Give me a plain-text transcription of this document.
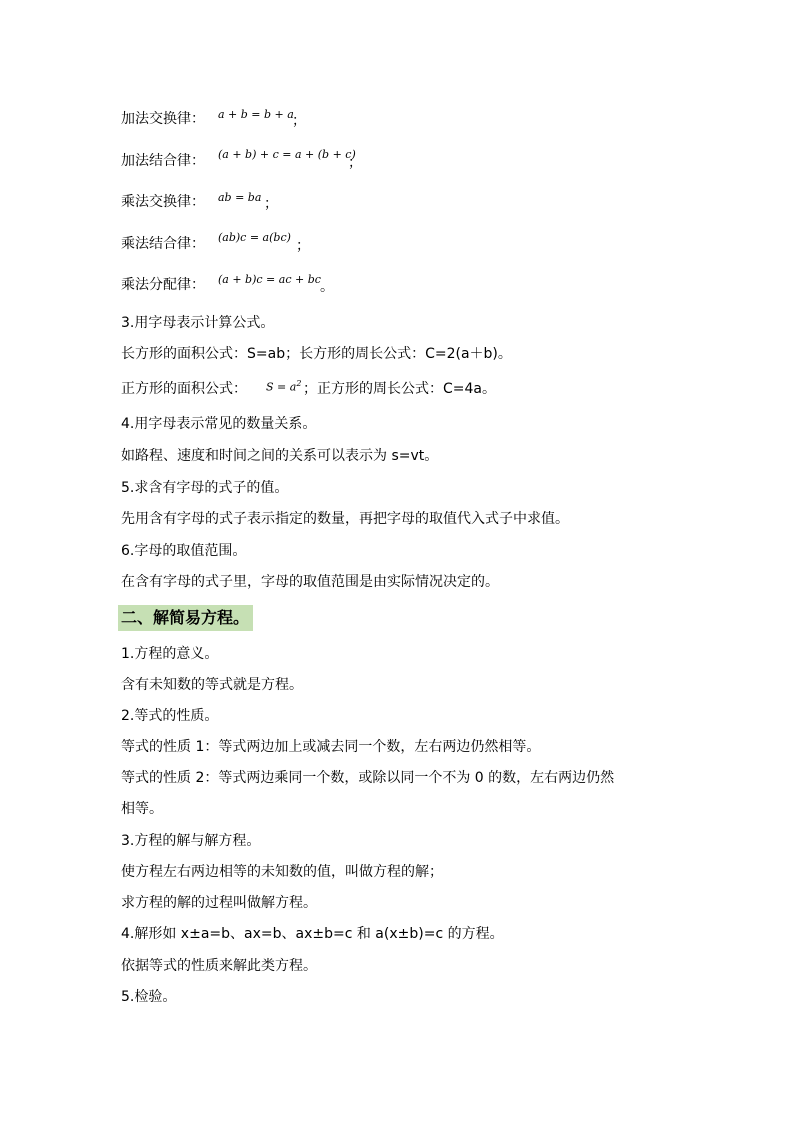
加法交换律： a + b = b + a
；
加法结合律： (a + b) + c = a + (b + c)
；
乘法交换律： ab = ba ；
乘法结合律： (ab)c = a(bc)
；
乘法分配律： (a + b)c = ac + bc 。
3.用字母表示计算公式。
长方形的面积公式：S=ab；长方形的周长公式：C=2(a＋b)。
正方形的面积公式： $S = a^2$ ；正方形的周长公式：C=4a。
4.用字母表示常见的数量关系。
如路程、速度和时间之间的关系可以表示为 s=vt。
5.求含有字母的式子的值。
先用含有字母的式子表示指定的数量，再把字母的取值代入式子中求值。
6.字母的取值范围。
在含有字母的式子里，字母的取值范围是由实际情况决定的。
二、解简易方程。
1.方程的意义。
含有未知数的等式就是方程。
2.等式的性质。
等式的性质 1：等式两边加上或减去同一个数，左右两边仍然相等。
等式的性质 2：等式两边乘同一个数，或除以同一个不为 0 的数，左右两边仍然
相等。
3.方程的解与解方程。
使方程左右两边相等的未知数的值，叫做方程的解；
求方程的解的过程叫做解方程。
4.解形如 x±a=b、ax=b、ax±b=c 和 a(x±b)=c 的方程。
依据等式的性质来解此类方程。
5.检验。
